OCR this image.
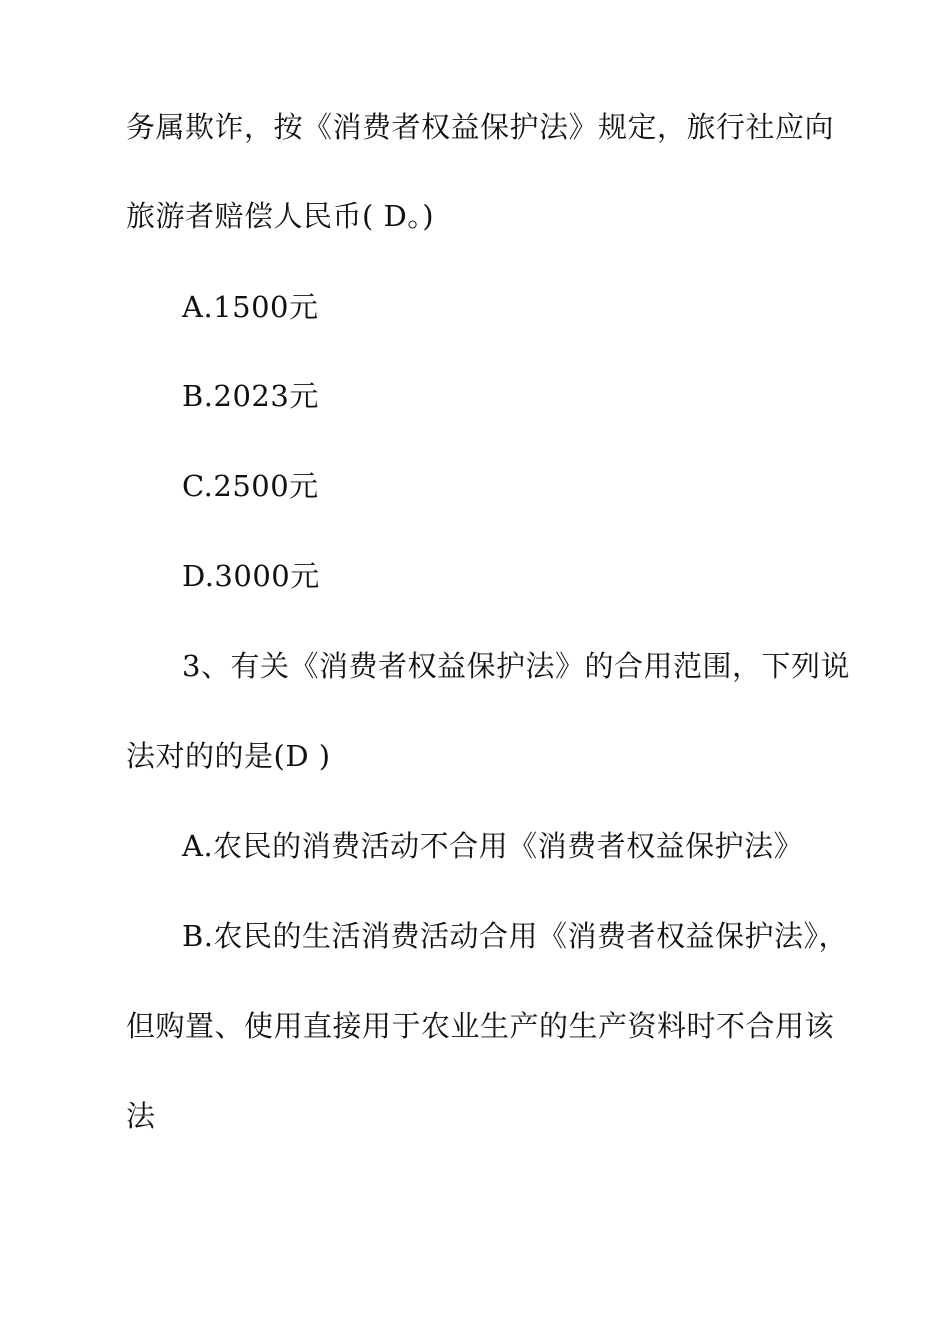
务属欺诈，按《消费者权益保护法》规定，旅行社应向
旅游者赔偿人民币( D。)
A.1500元
B.2023元
C.2500元
D.3000元
3、有关《消费者权益保护法》的合用范围，下列说
法对的的是(D )
A.农民的消费活动不合用《消费者权益保护法》
B.农民的生活消费活动合用《消费者权益保护法》，
但购置、使用直接用于农业生产的生产资料时不合用该
法
